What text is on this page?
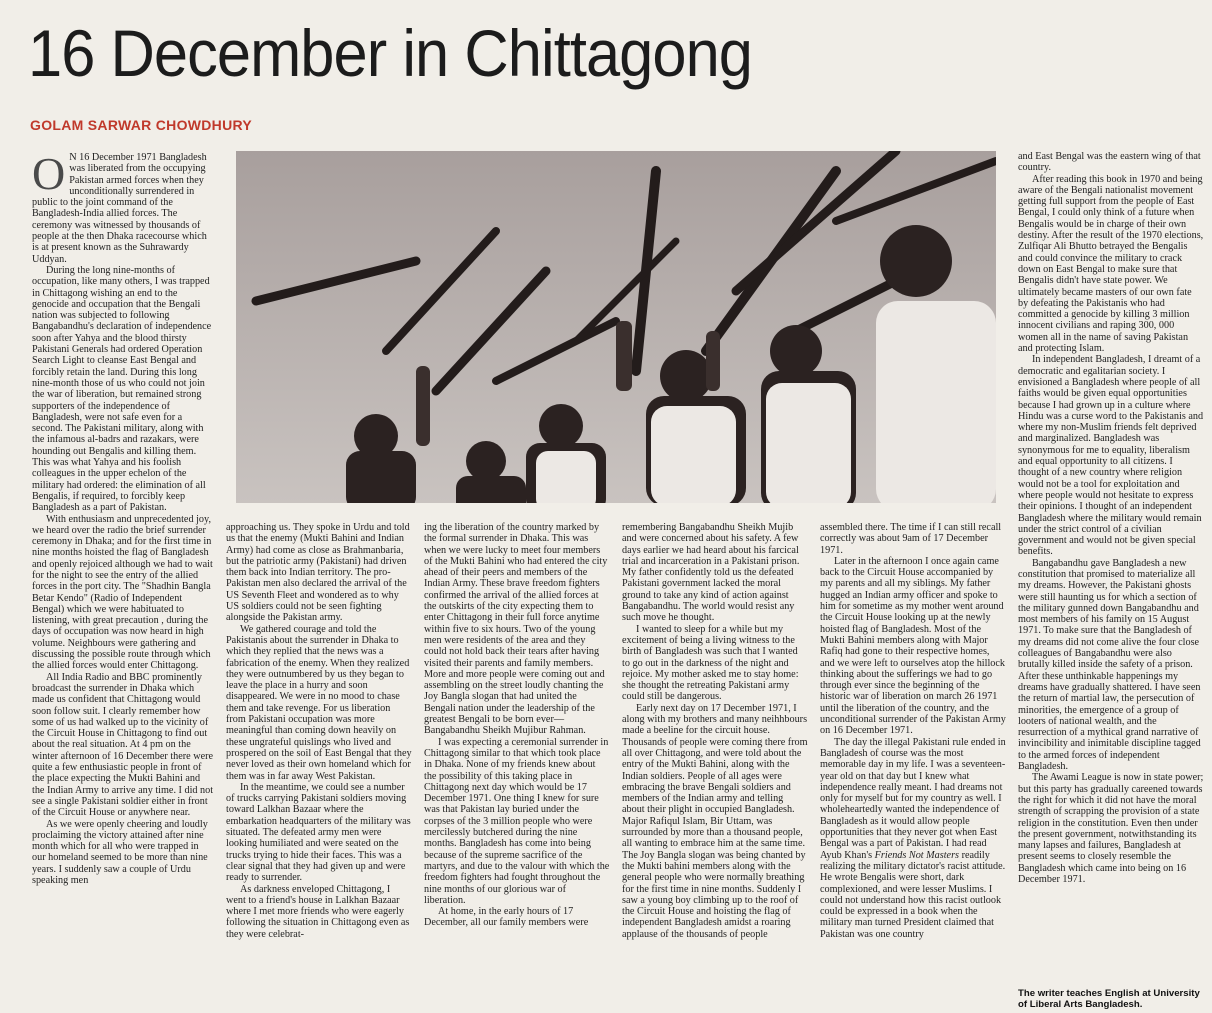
16 December in Chittagong
GOLAM SARWAR CHOWDHURY

O N 16 December 1971 Bangladesh was liberated from the occupying Pakistan armed forces when they unconditionally surrendered in public to the joint command of the Bangladesh-India allied forces. The ceremony was witnessed by thousands of people at the then Dhaka racecourse which is at present known as the Suhrawardy Uddyan.

During the long nine-months of occupation, like many others, I was trapped in Chittagong wishing an end to the genocide and occupation that the Bengali nation was subjected to following Bangabandhu's declaration of independence soon after Yahya and the blood thirsty Pakistani Generals had ordered Operation Search Light to cleanse East Bengal and forcibly retain the land. During this long nine-month those of us who could not join the war of liberation, but remained strong supporters of the independence of Bangladesh, were not safe even for a second. The Pakistani military, along with the infamous al-badrs and razakars, were hounding out Bengalis and killing them. This was what Yahya and his foolish colleagues in the upper echelon of the military had ordered: the elimination of all Bengalis, if required, to forcibly keep Bangladesh as a part of Pakistan.

With enthusiasm and unprecedented joy, we heard over the radio the brief surrender ceremony in Dhaka; and for the first time in nine months hoisted the flag of Bangladesh and openly rejoiced although we had to wait for the night to see the entry of the allied forces in the port city. The "Shadhin Bangla Betar Kendo" (Radio of Independent Bengal) which we were habituated to listening, with great precaution , during the days of occupation was now heard in high volume. Neighbours were gathering and discussing the possible route through which the allied forces would enter Chittagong.

All India Radio and BBC prominently broadcast the surrender in Dhaka which made us confident that Chittagong would soon follow suit. I clearly remember how some of us had walked up to the vicinity of the Circuit House in Chittagong to find out about the real situation. At 4 pm on the winter afternoon of 16 December there were quite a few enthusiastic people in front of the place expecting the Mukti Bahini and the Indian Army to arrive any time. I did not see a single Pakistani soldier either in front of the Circuit House or anywhere near.

As we were openly cheering and loudly proclaiming the victory attained after nine month which for all who were trapped in our homeland seemed to be more than nine years. I suddenly saw a couple of Urdu speaking men

approaching us. They spoke in Urdu and told us that the enemy (Mukti Bahini and Indian Army) had come as close as Brahmanbaria, but the patriotic army (Pakistani) had driven them back into Indian territory. The pro-Pakistan men also declared the arrival of the US Seventh Fleet and wondered as to why US soldiers could not be seen fighting alongside the Pakistan army.

We gathered courage and told the Pakistanis about the surrender in Dhaka to which they replied that the news was a fabrication of the enemy. When they realized they were outnumbered by us they began to leave the place in a hurry and soon disappeared. We were in no mood to chase them and take revenge. For us liberation from Pakistani occupation was more meaningful than coming down heavily on these ungrateful quislings who lived and prospered on the soil of East Bengal that they never loved as their own homeland which for them was in far away West Pakistan.

In the meantime, we could see a number of trucks carrying Pakistani soldiers moving toward Lalkhan Bazaar where the embarkation headquarters of the military was situated. The defeated army men were looking humiliated and were seated on the trucks trying to hide their faces. This was a clear signal that they had given up and were ready to surrender.

As darkness enveloped Chittagong, I went to a friend's house in Lalkhan Bazaar where I met more friends who were eagerly following the situation in Chittagong even as they were celebrat-

ing the liberation of the country marked by the formal surrender in Dhaka. This was when we were lucky to meet four members of the Mukti Bahini who had entered the city ahead of their peers and members of the Indian Army. These brave freedom fighters confirmed the arrival of the allied forces at the outskirts of the city expecting them to enter Chittagong in their full force anytime within five to six hours. Two of the young men were residents of the area and they could not hold back their tears after having visited their parents and family members. More and more people were coming out and assembling on the street loudly chanting the Joy Bangla slogan that had united the Bengali nation under the leadership of the greatest Bengali to be born ever—Bangabandhu Sheikh Mujibur Rahman.

I was expecting a ceremonial surrender in Chittagong similar to that which took place in Dhaka. None of my friends knew about the possibility of this taking place in Chittagong next day which would be 17 December 1971. One thing I knew for sure was that Pakistan lay buried under the corpses of the 3 million people who were mercilessly butchered during the nine months. Bangladesh has come into being because of the supreme sacrifice of the martyrs, and due to the valour with which the freedom fighters had fought throughout the nine months of our glorious war of liberation.

At home, in the early hours of 17 December, all our family members were

remembering Bangabandhu Sheikh Mujib and were concerned about his safety. A few days earlier we had heard about his farcical trial and incarceration in a Pakistani prison. My father confidently told us the defeated Pakistani government lacked the moral ground to take any kind of action against Bangabandhu. The world would resist any such move he thought.

I wanted to sleep for a while but my excitement of being a living witness to the birth of Bangladesh was such that I wanted to go out in the darkness of the night and rejoice. My mother asked me to stay home: she thought the retreating Pakistani army could still be dangerous.

Early next day on 17 December 1971, I along with my brothers and many neihhbours made a beeline for the circuit house. Thousands of people were coming there from all over Chittagong, and were told about the entry of the Mukti Bahini, along with the Indian soldiers. People of all ages were embracing the brave Bengali soldiers and members of the Indian army and telling about their plight in occupied Bangladesh. Major Rafiqul Islam, Bir Uttam, was surrounded by more than a thousand people, all wanting to embrace him at the same time. The Joy Bangla slogan was being chanted by the Mukti bahini members along with the general people who were normally breathing for the first time in nine months. Suddenly I saw a young boy climbing up to the roof of the Circuit House and hoisting the flag of independent Bangladesh amidst a roaring applause of the thousands of people

assembled there. The time if I can still recall correctly was about 9am of 17 December 1971.

Later in the afternoon I once again came back to the Circuit House accompanied by my parents and all my siblings. My father hugged an Indian army officer and spoke to him for sometime as my mother went around the Circuit House looking up at the newly hoisted flag of Bangladesh. Most of the Mukti Bahini members along with Major Rafiq had gone to their respective homes, and we were left to ourselves atop the hillock thinking about the sufferings we had to go through ever since the beginning of the historic war of liberation on march 26 1971 until the liberation of the country, and the unconditional surrender of the Pakistan Army on 16 December 1971.

The day the illegal Pakistani rule ended in Bangladesh of course was the most memorable day in my life. I was a seventeen-year old on that day but I knew what independence really meant. I had dreams not only for myself but for my country as well. I wholeheartedly wanted the independence of Bangladesh as it would allow people opportunities that they never got when East Bengal was a part of Pakistan. I had read Ayub Khan's Friends Not Masters readily realizing the military dictator's racist attitude. He wrote Bengalis were short, dark complexioned, and were lesser Muslims. I could not understand how this racist outlook could be expressed in a book when the military man turned President claimed that Pakistan was one country

and East Bengal was the eastern wing of that country.

After reading this book in 1970 and being aware of the Bengali nationalist movement getting full support from the people of East Bengal, I could only think of a future when Bengalis would be in charge of their own destiny. After the result of the 1970 elections, Zulfiqar Ali Bhutto betrayed the Bengalis and could convince the military to crack down on East Bengal to make sure that Bengalis didn't have state power. We ultimately became masters of our own fate by defeating the Pakistanis who had committed a genocide by killing 3 million innocent civilians and raping 300, 000 women all in the name of saving Pakistan and protecting Islam.

In independent Bangladesh, I dreamt of a democratic and egalitarian society. I envisioned a Bangladesh where people of all faiths would be given equal opportunities because I had grown up in a culture where Hindu was a curse word to the Pakistanis and where my non-Muslim friends felt deprived and marginalized. Bangladesh was synonymous for me to equality, liberalism and equal opportunity to all citizens. I thought of a new country where religion would not be a tool for exploitation and where people would not hesitate to express their opinions. I thought of an independent Bangladesh where the military would remain under the strict control of a civilian government and would not be given special benefits.

Bangabandhu gave Bangladesh a new constitution that promised to materialize all my dreams. However, the Pakistani ghosts were still haunting us for which a section of the military gunned down Bangabandhu and most members of his family on 15 August 1971. To make sure that the Bangladesh of my dreams did not come alive the four close colleagues of Bangabandhu were also brutally killed inside the safety of a prison. After these unthinkable happenings my dreams have gradually shattered. I have seen the return of martial law, the persecution of minorities, the emergence of a group of looters of national wealth, and the resurrection of a mythical grand narrative of invincibility and inimitable discipline tagged to the armed forces of independent Bangladesh.

The Awami League is now in state power; but this party has gradually careened towards the right for which it did not have the moral strength of scrapping the provision of a state religion in the constitution. Even then under the present government, notwithstanding its many lapses and failures, Bangladesh at present seems to closely resemble the Bangladesh which came into being on 16 December 1971.

The writer teaches English at University of Liberal Arts Bangladesh.
